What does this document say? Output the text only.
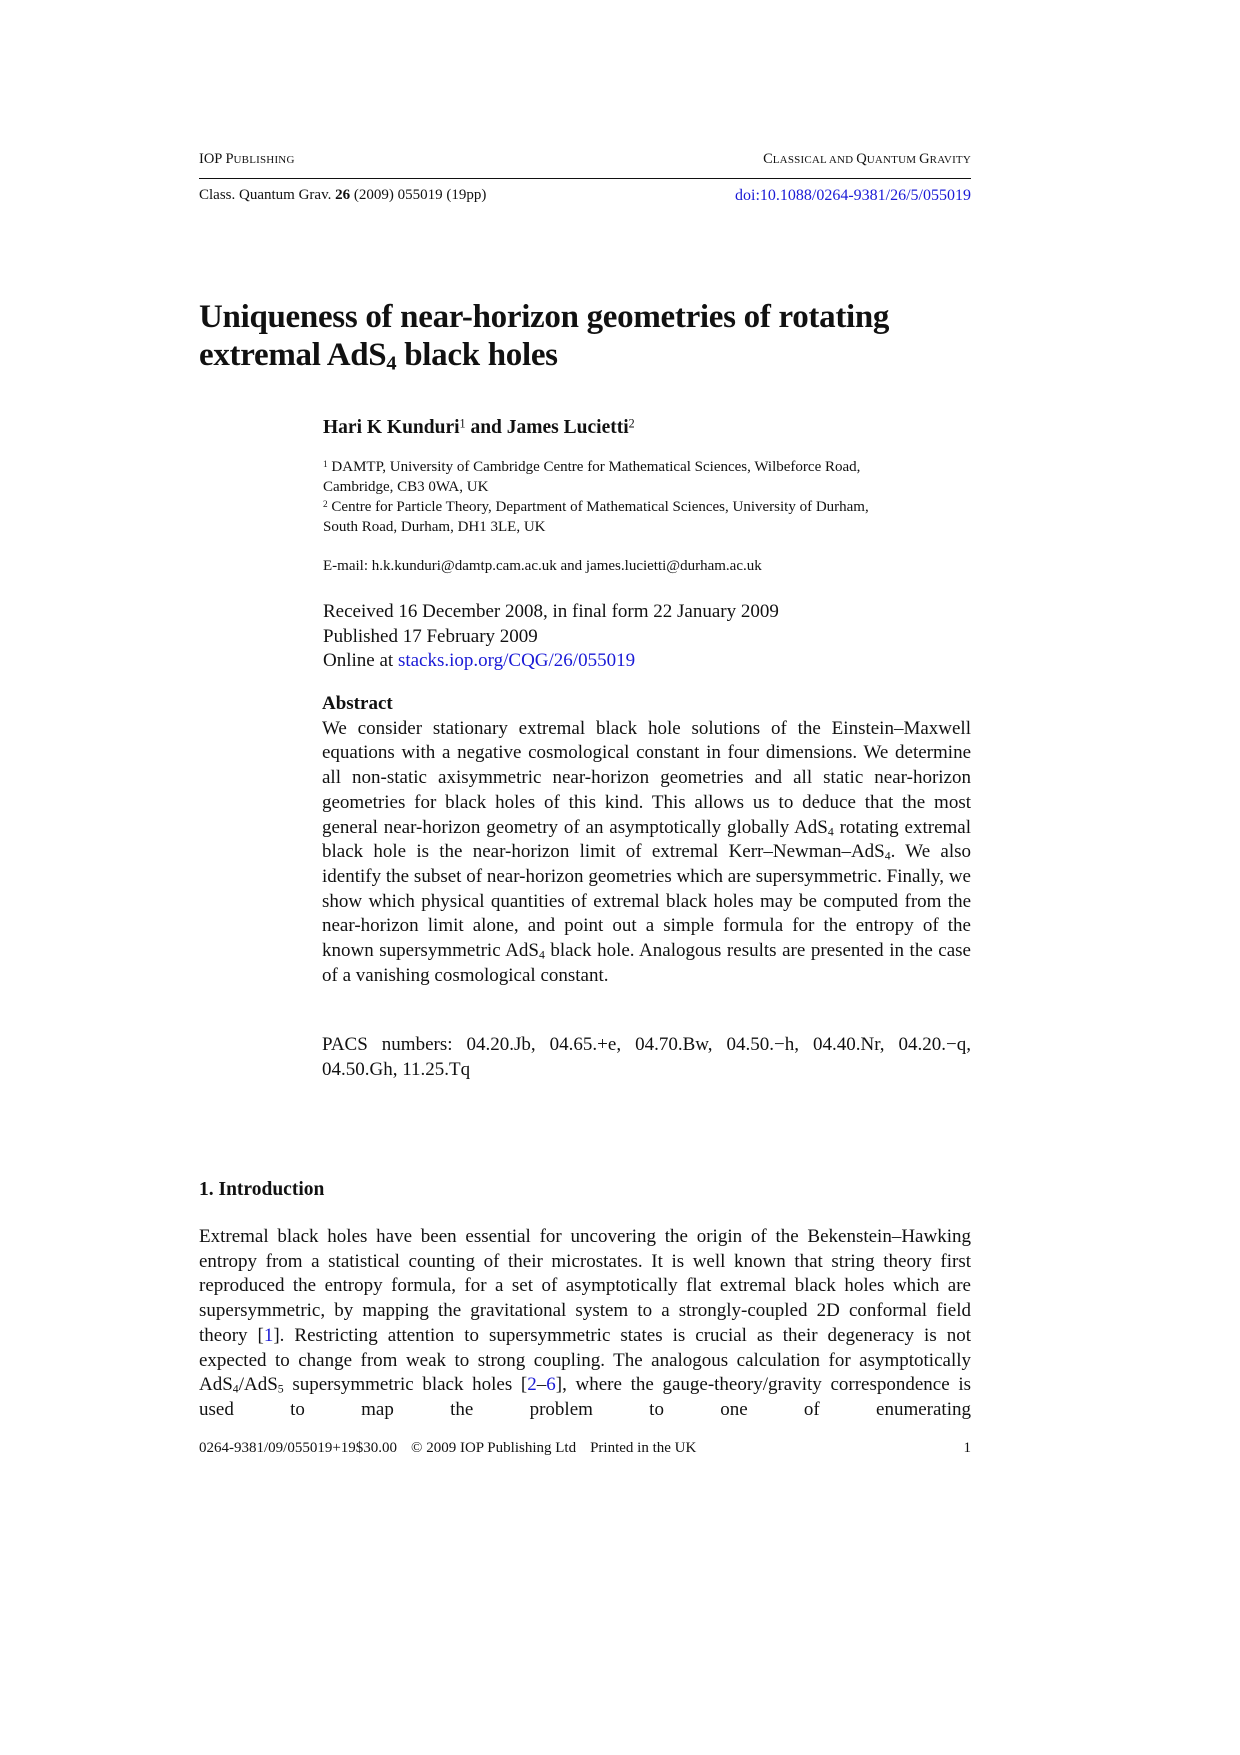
IOP PUBLISHING	CLASSICAL AND QUANTUM GRAVITY
Class. Quantum Grav. 26 (2009) 055019 (19pp)	doi:10.1088/0264-9381/26/5/055019
Uniqueness of near-horizon geometries of rotating
extremal AdS$_4$ black holes
Hari K Kunduri$^1$ and James Lucietti$^2$
$^1$ DAMTP, University of Cambridge Centre for Mathematical Sciences, Wilbeforce Road,
Cambridge, CB3 0WA, UK
$^2$ Centre for Particle Theory, Department of Mathematical Sciences, University of Durham,
South Road, Durham, DH1 3LE, UK
E-mail: h.k.kunduri@damtp.cam.ac.uk and james.lucietti@durham.ac.uk
Received 16 December 2008, in final form 22 January 2009
Published 17 February 2009
Online at stacks.iop.org/CQG/26/055019
Abstract
We consider stationary extremal black hole solutions of the Einstein–Maxwell equations with a negative cosmological constant in four dimensions. We determine all non-static axisymmetric near-horizon geometries and all static near-horizon geometries for black holes of this kind. This allows us to deduce that the most general near-horizon geometry of an asymptotically globally AdS$_4$ rotating extremal black hole is the near-horizon limit of extremal Kerr–Newman–AdS$_4$. We also identify the subset of near-horizon geometries which are supersymmetric. Finally, we show which physical quantities of extremal black holes may be computed from the near-horizon limit alone, and point out a simple formula for the entropy of the known supersymmetric AdS$_4$ black hole. Analogous results are presented in the case of a vanishing cosmological constant.
PACS numbers: 04.20.Jb, 04.65.+e, 04.70.Bw, 04.50.−h, 04.40.Nr, 04.20.−q, 04.50.Gh, 11.25.Tq
1. Introduction
Extremal black holes have been essential for uncovering the origin of the Bekenstein–Hawking entropy from a statistical counting of their microstates. It is well known that string theory first reproduced the entropy formula, for a set of asymptotically flat extremal black holes which are supersymmetric, by mapping the gravitational system to a strongly-coupled 2D conformal field theory [1]. Restricting attention to supersymmetric states is crucial as their degeneracy is not expected to change from weak to strong coupling. The analogous calculation for asymptotically AdS$_4$/AdS$_5$ supersymmetric black holes [2–6], where the gauge-theory/gravity correspondence is used to map the problem to one of enumerating
0264-9381/09/055019+19$30.00 © 2009 IOP Publishing Ltd Printed in the UK	1
